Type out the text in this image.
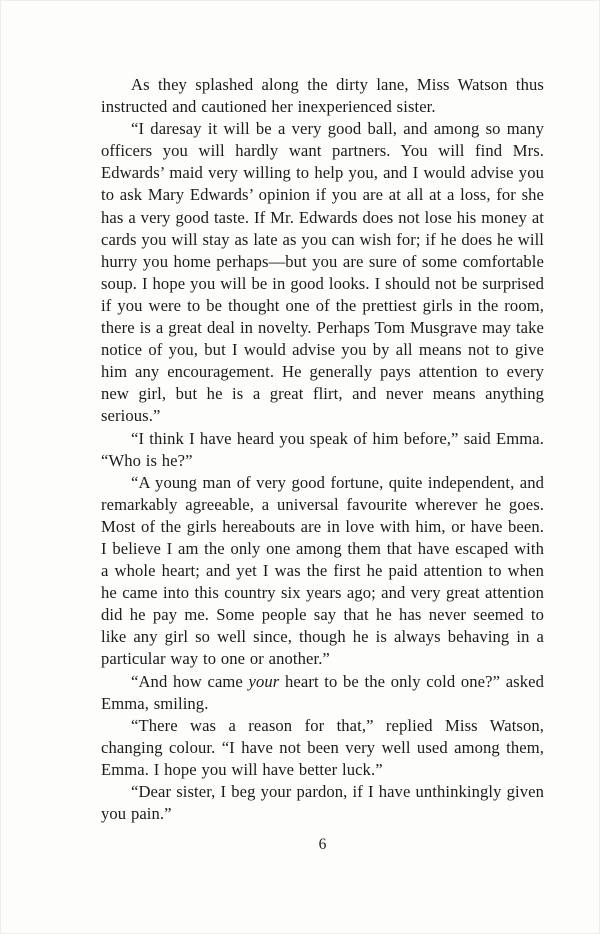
As they splashed along the dirty lane, Miss Watson thus instructed and cautioned her inexperienced sister.

“I daresay it will be a very good ball, and among so many officers you will hardly want partners. You will find Mrs. Edwards’ maid very willing to help you, and I would advise you to ask Mary Edwards’ opinion if you are at all at a loss, for she has a very good taste. If Mr. Edwards does not lose his money at cards you will stay as late as you can wish for; if he does he will hurry you home perhaps—but you are sure of some comfortable soup. I hope you will be in good looks. I should not be surprised if you were to be thought one of the prettiest girls in the room, there is a great deal in novelty. Perhaps Tom Musgrave may take notice of you, but I would advise you by all means not to give him any encouragement. He generally pays attention to every new girl, but he is a great flirt, and never means anything serious.”

“I think I have heard you speak of him before,” said Emma. “Who is he?”

“A young man of very good fortune, quite independent, and remarkably agreeable, a universal favourite wherever he goes. Most of the girls hereabouts are in love with him, or have been. I believe I am the only one among them that have escaped with a whole heart; and yet I was the first he paid attention to when he came into this country six years ago; and very great attention did he pay me. Some people say that he has never seemed to like any girl so well since, though he is always behaving in a particular way to one or another.”

“And how came your heart to be the only cold one?” asked Emma, smiling.

“There was a reason for that,” replied Miss Watson, changing colour. “I have not been very well used among them, Emma. I hope you will have better luck.”

“Dear sister, I beg your pardon, if I have unthinkingly given you pain.”

6
